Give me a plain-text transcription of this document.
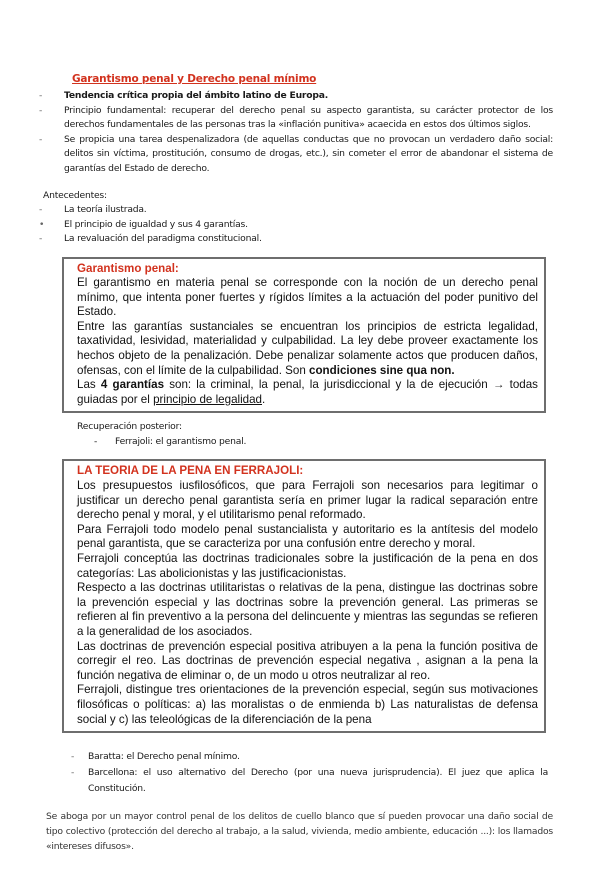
Garantismo penal y Derecho penal mínimo
- Tendencia crítica propia del ámbito latino de Europa.
- Principio fundamental: recuperar del derecho penal su aspecto garantista, su carácter protector de los derechos fundamentales de las personas tras la «inflación punitiva» acaecida en estos dos últimos siglos.
- Se propicia una tarea despenalizadora (de aquellas conductas que no provocan un verdadero daño social: delitos sin víctima, prostitución, consumo de drogas, etc.), sin cometer el error de abandonar el sistema de garantías del Estado de derecho.
Antecedentes:
- La teoría ilustrada.
• El principio de igualdad y sus 4 garantías.
- La revaluación del paradigma constitucional.
Garantismo penal:
El garantismo en materia penal se corresponde con la noción de un derecho penal mínimo, que intenta poner fuertes y rígidos límites a la actuación del poder punitivo del Estado.
Entre las garantías sustanciales se encuentran los principios de estricta legalidad, taxatividad, lesividad, materialidad y culpabilidad. La ley debe proveer exactamente los hechos objeto de la penalización. Debe penalizar solamente actos que producen daños, ofensas, con el límite de la culpabilidad. Son condiciones sine qua non.
Las 4 garantías son: la criminal, la penal, la jurisdiccional y la de ejecución → todas guiadas por el principio de legalidad.
Recuperación posterior:
- Ferrajoli: el garantismo penal.
LA TEORIA DE LA PENA EN FERRAJOLI:
Los presupuestos iusfilosóficos, que para Ferrajoli son necesarios para legitimar o justificar un derecho penal garantista sería en primer lugar la radical separación entre derecho penal y moral, y el utilitarismo penal reformado.
Para Ferrajoli todo modelo penal sustancialista y autoritario es la antítesis del modelo penal garantista, que se caracteriza por una confusión entre derecho y moral.
Ferrajoli conceptúa las doctrinas tradicionales sobre la justificación de la pena en dos categorías: Las abolicionistas y las justificacionistas.
Respecto a las doctrinas utilitaristas o relativas de la pena, distingue las doctrinas sobre la prevención especial y las doctrinas sobre la prevención general. Las primeras se refieren al fin preventivo a la persona del delincuente y mientras las segundas se refieren a la generalidad de los asociados.
Las doctrinas de prevención especial positiva atribuyen a la pena la función positiva de corregir el reo. Las doctrinas de prevención especial negativa , asignan a la pena la función negativa de eliminar o, de un modo u otros neutralizar al reo.
Ferrajoli, distingue tres orientaciones de la prevención especial, según sus motivaciones filosóficas o políticas: a) las moralistas o de enmienda b) Las naturalistas de defensa social y c) las teleológicas de la diferenciación de la pena
- Baratta: el Derecho penal mínimo.
- Barcellona: el uso alternativo del Derecho (por una nueva jurisprudencia). El juez que aplica la Constitución.
Se aboga por un mayor control penal de los delitos de cuello blanco que sí pueden provocar una daño social de tipo colectivo (protección del derecho al trabajo, a la salud, vivienda, medio ambiente, educación ...): los llamados «intereses difusos».
